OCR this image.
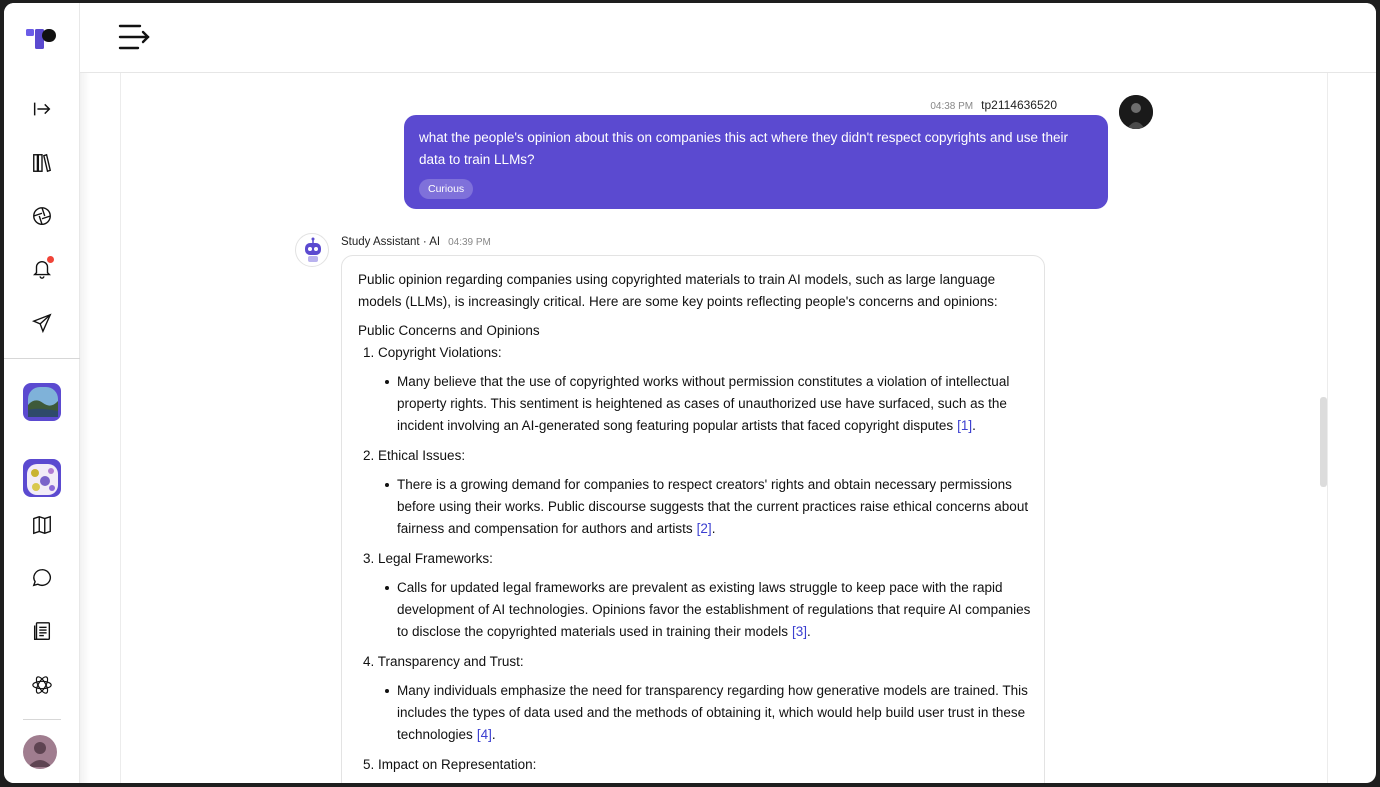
04:38 PM tp2114636520
what the people's opinion about this on companies this act where they didn't respect copyrights and use their data to train LLMs?
Curious
Study Assistant · AI 04:39 PM

Public opinion regarding companies using copyrighted materials to train AI models, such as large language models (LLMs), is increasingly critical. Here are some key points reflecting people's concerns and opinions:

Public Concerns and Opinions

1. Copyright Violations:
Many believe that the use of copyrighted works without permission constitutes a violation of intellectual property rights. This sentiment is heightened as cases of unauthorized use have surfaced, such as the incident involving an AI-generated song featuring popular artists that faced copyright disputes [1].
2. Ethical Issues:
There is a growing demand for companies to respect creators' rights and obtain necessary permissions before using their works. Public discourse suggests that the current practices raise ethical concerns about fairness and compensation for authors and artists [2].
3. Legal Frameworks:
Calls for updated legal frameworks are prevalent as existing laws struggle to keep pace with the rapid development of AI technologies. Opinions favor the establishment of regulations that require AI companies to disclose the copyrighted materials used in training their models [3].
4. Transparency and Trust:
Many individuals emphasize the need for transparency regarding how generative models are trained. This includes the types of data used and the methods of obtaining it, which would help build user trust in these technologies [4].
5. Impact on Representation:
